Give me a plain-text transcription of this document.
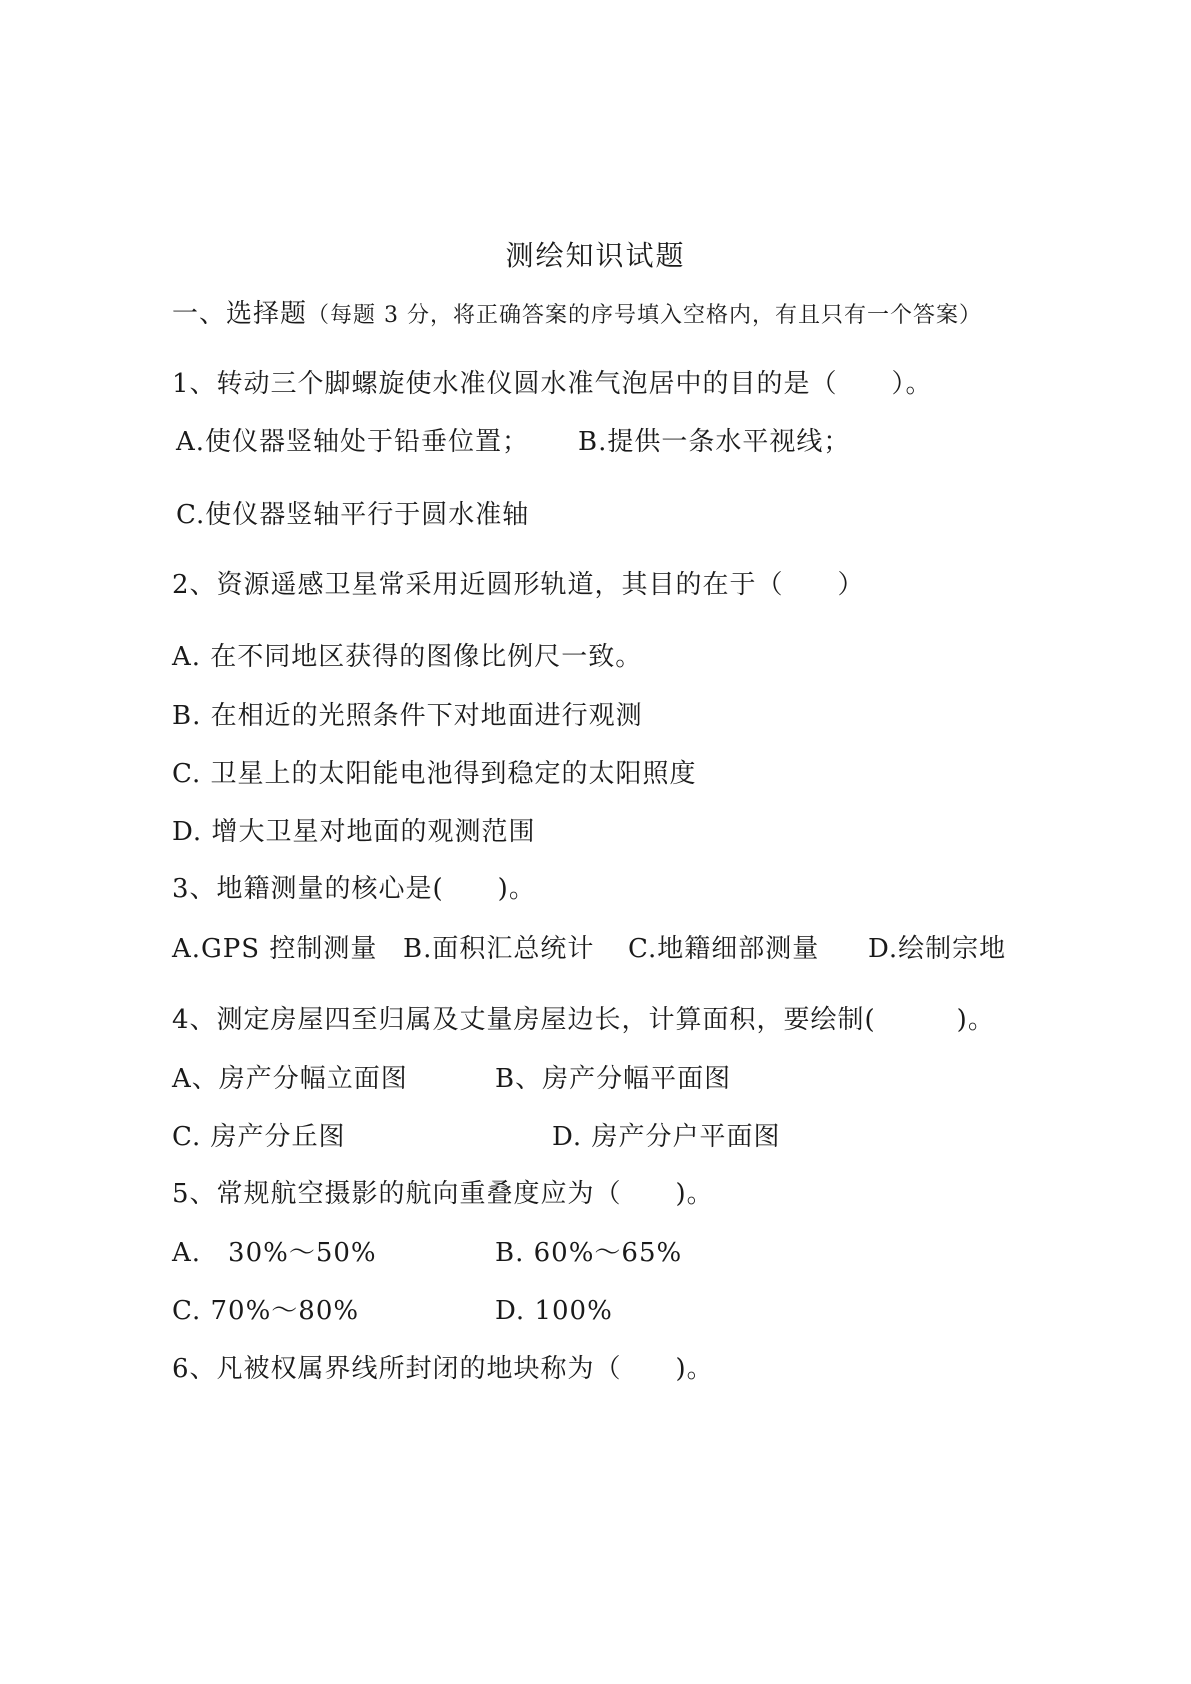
测绘知识试题
一、选择题（每题 3 分，将正确答案的序号填入空格内，有且只有一个答案）
1、转动三个脚螺旋使水准仪圆水准气泡居中的目的是（　　）。
A.使仪器竖轴处于铅垂位置； B.提供一条水平视线；
C.使仪器竖轴平行于圆水准轴
2、资源遥感卫星常采用近圆形轨道，其目的在于（　　）
A. 在不同地区获得的图像比例尺一致。
B. 在相近的光照条件下对地面进行观测
C. 卫星上的太阳能电池得到稳定的太阳照度
D. 增大卫星对地面的观测范围
3、地籍测量的核心是(　　)。
A.GPS 控制测量 B.面积汇总统计 C.地籍细部测量 D.绘制宗地
4、测定房屋四至归属及丈量房屋边长，计算面积，要绘制(　　　)。
A、房产分幅立面图	B、房产分幅平面图
C. 房产分丘图	D. 房产分户平面图
5、常规航空摄影的航向重叠度应为（　　)。
A.　30%～50%	B. 60%～65%
C. 70%～80%	D. 100%
6、凡被权属界线所封闭的地块称为（　　)。
